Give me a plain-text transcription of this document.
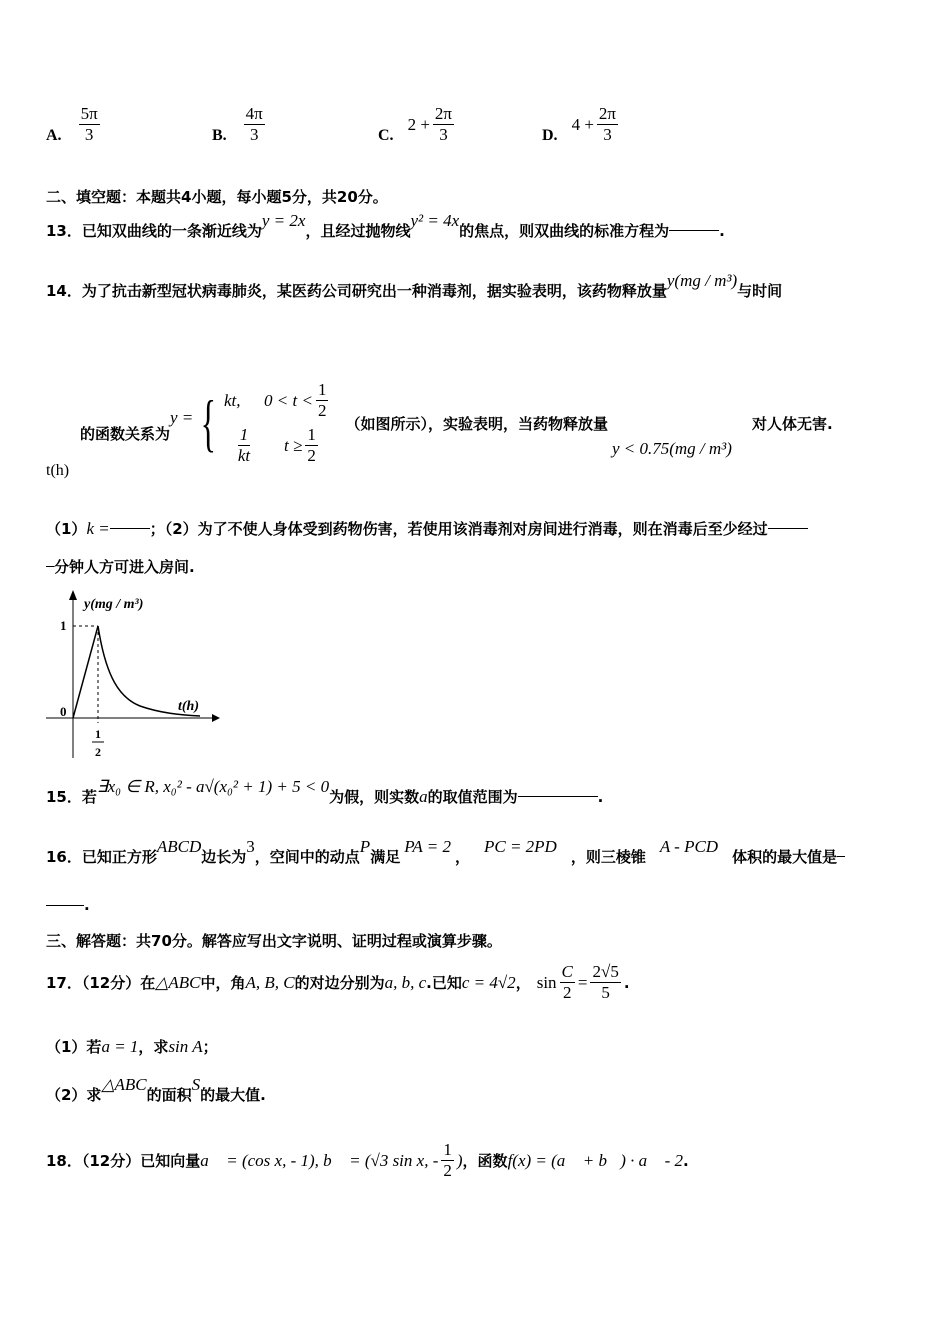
A. $\frac{5\pi}{3}$	B. $\frac{4\pi}{3}$	C.
$2 + \frac{2\pi}{3}$	D.
$4 + \frac{2\pi}{3}$
二、填空题：本题共4小题，每小题5分，共20分。
13．已知双曲线的一条渐近线为
y = 2x
，且经过抛物线
y² = 4x
的焦点，则双曲线的标准方程为	.
14．为了抗击新型冠状病毒肺炎，某医药公司研究出一种消毒剂，据实验表明，该药物释放量
y(mg / m³)
与时间
的函数关系为
y = { kt,	$0 < t < \frac{1}{2}$
$\frac{1}{kt}$ $t \ge \frac{1}{2}$
（如图所示），实验表明，当药物释放量
y < 0.75(mg / m³)
对人体无害.
t(h)
（1） k =	；（2）为了不使人身体受到药物伤害，若使用该消毒剂对房间进行消毒，则在消毒后至少经过
分钟人方可进入房间.
y(mg / m³)
1
0	t(h)
1
2
15．若
∃x₀ ∈ R, x₀² - a√(x₀² + 1) + 5 < 0
为假，则实数 a 的取值范围为	.
16．已知正方形
ABCD
边长为
3
，空间中的动点
P
满足
PA = 2
，
PC = 2PD
，则三棱锥
A - PCD
体积的最大值是
.
三、解答题：共70分。解答应写出文字说明、证明过程或演算步骤。
17．（12分）在 △ABC 中，角 A, B, C 的对边分别为 a, b, c .已知 c = 4√2 ， $\sin \frac{C}{2} = \frac{2√5}{5}$ .
（1）若 a = 1 ，求 sin A ；
（2）求
△ABC
的面积
S
的最大值.
18．（12分）已知向量 a⃗ = (cos x, - 1), b⃗ = (√3 sin x, - $\frac{1}{2}$ ) ，函数 f(x) = (a⃗ + b⃗) · a⃗ - 2 .
